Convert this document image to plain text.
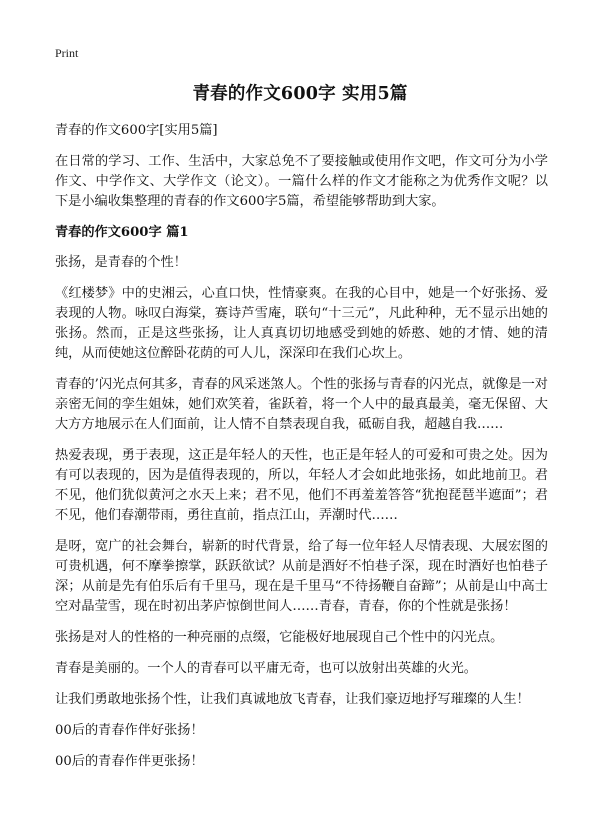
Print
青春的作文600字 实用5篇

青春的作文600字[实用5篇]

在日常的学习、工作、生活中，大家总免不了要接触或使用作文吧，作文可分为小学作文、中学作文、大学作文（论文）。一篇什么样的作文才能称之为优秀作文呢？以下是小编收集整理的青春的作文600字5篇，希望能够帮助到大家。

青春的作文600字 篇1

张扬，是青春的个性！

《红楼梦》中的史湘云，心直口快，性情豪爽。在我的心目中，她是一个好张扬、爱表现的人物。咏叹白海棠，赛诗芦雪庵，联句“十三元”，凡此种种，无不显示出她的张扬。然而，正是这些张扬，让人真真切切地感受到她的娇憨、她的才情、她的清纯，从而使她这位醉卧花荫的可人儿，深深印在我们心坎上。

青春的’闪光点何其多，青春的风采迷煞人。个性的张扬与青春的闪光点，就像是一对亲密无间的孪生姐妹，她们欢笑着，雀跃着，将一个人中的最真最美，毫无保留、大大方方地展示在人们面前，让人情不自禁表现自我，砥砺自我，超越自我……

热爱表现，勇于表现，这正是年轻人的天性，也正是年轻人的可爱和可贵之处。因为有可以表现的，因为是值得表现的，所以，年轻人才会如此地张扬，如此地前卫。君不见，他们犹似黄河之水天上来；君不见，他们不再羞羞答答“犹抱琵琶半遮面”；君不见，他们春潮带雨，勇往直前，指点江山，弄潮时代……

是呀，宽广的社会舞台，崭新的时代背景，给了每一位年轻人尽情表现、大展宏图的可贵机遇，何不摩拳擦掌，跃跃欲试？从前是酒好不怕巷子深，现在时酒好也怕巷子深；从前是先有伯乐后有千里马，现在是千里马“不待扬鞭自奋蹄”；从前是山中高士空对晶莹雪，现在时初出茅庐惊倒世间人……青春，青春，你的个性就是张扬！

张扬是对人的性格的一种亮丽的点缀，它能极好地展现自己个性中的闪光点。

青春是美丽的。一个人的青春可以平庸无奇，也可以放射出英雄的火光。

让我们勇敢地张扬个性，让我们真诚地放飞青春，让我们豪迈地抒写璀璨的人生！

00后的青春作伴好张扬！

00后的青春作伴更张扬！
